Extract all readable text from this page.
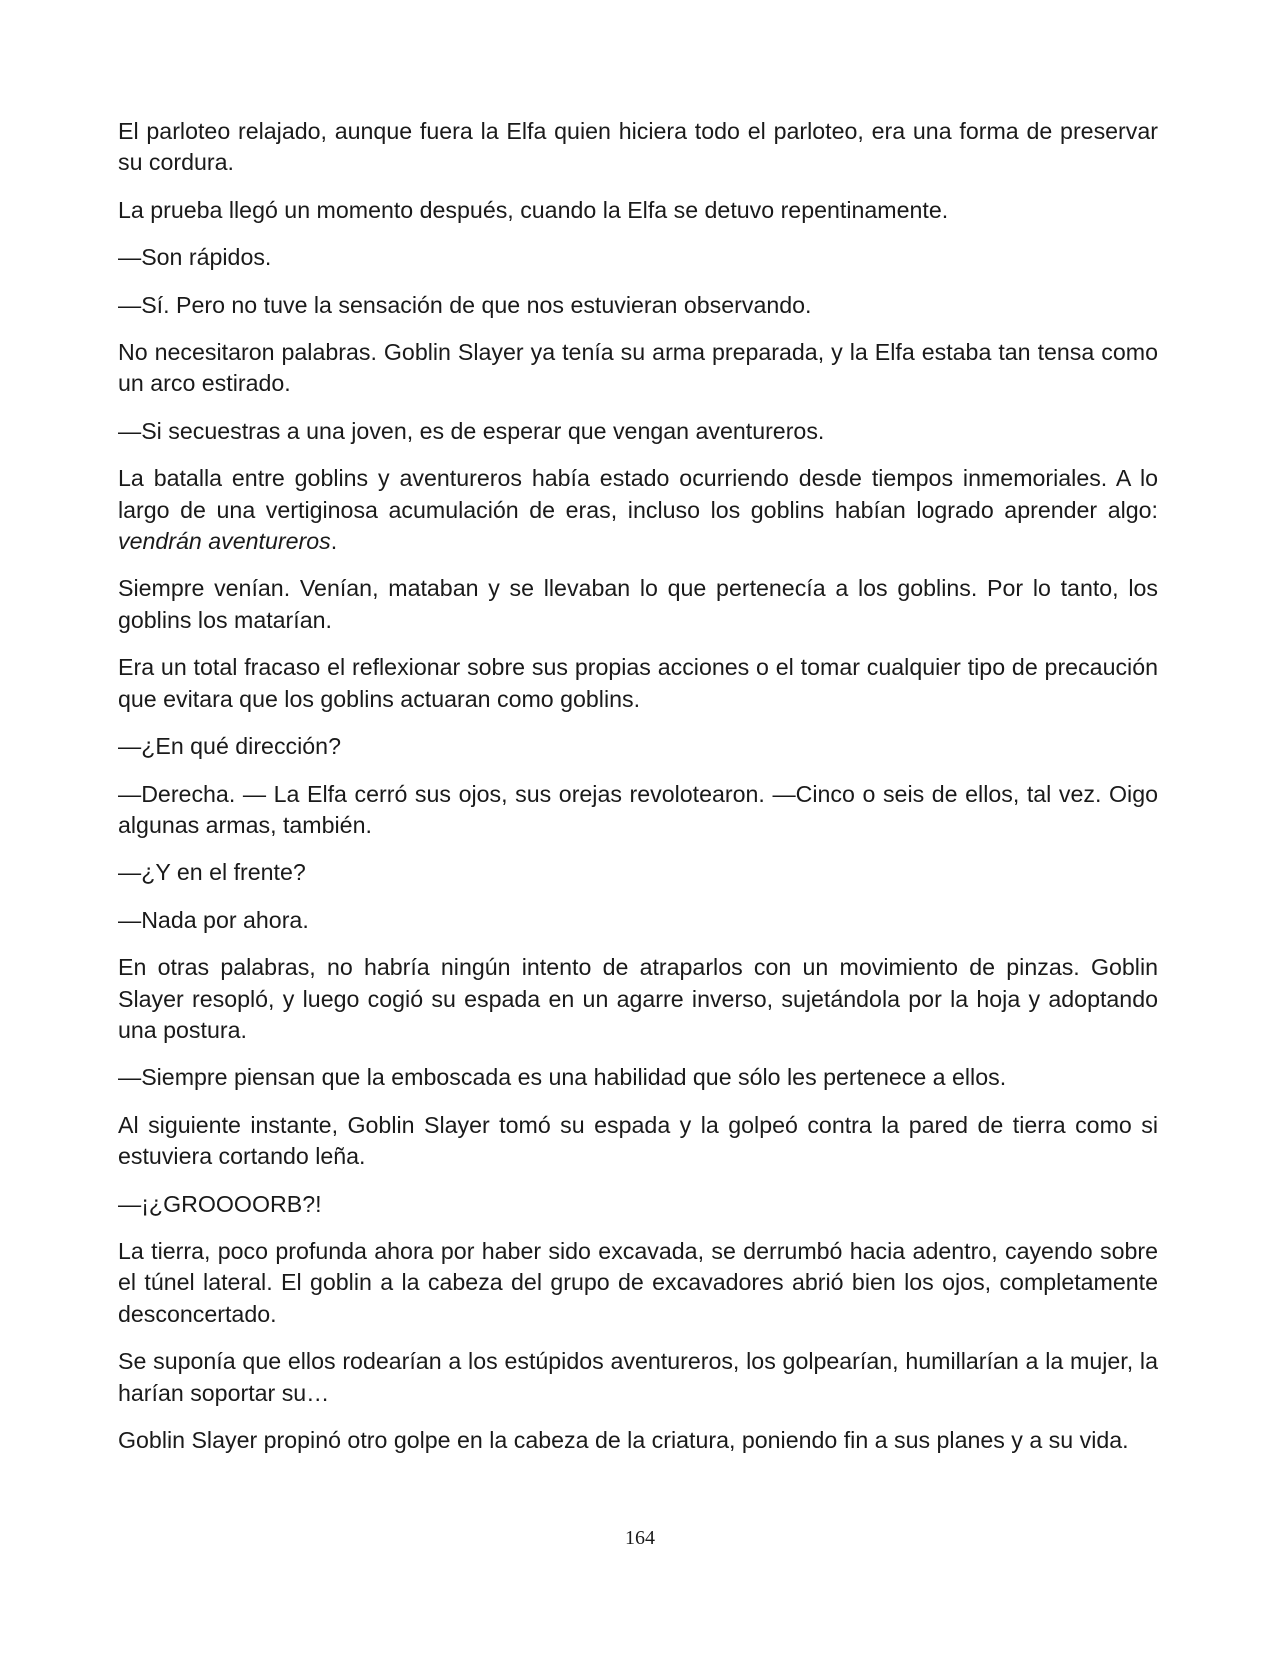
El parloteo relajado, aunque fuera la Elfa quien hiciera todo el parloteo, era una forma de preservar su cordura.

La prueba llegó un momento después, cuando la Elfa se detuvo repentinamente.

—Son rápidos.

—Sí. Pero no tuve la sensación de que nos estuvieran observando.

No necesitaron palabras. Goblin Slayer ya tenía su arma preparada, y la Elfa estaba tan tensa como un arco estirado.

—Si secuestras a una joven, es de esperar que vengan aventureros.

La batalla entre goblins y aventureros había estado ocurriendo desde tiempos inmemoriales. A lo largo de una vertiginosa acumulación de eras, incluso los goblins habían logrado aprender algo: vendrán aventureros.

Siempre venían. Venían, mataban y se llevaban lo que pertenecía a los goblins. Por lo tanto, los goblins los matarían.

Era un total fracaso el reflexionar sobre sus propias acciones o el tomar cualquier tipo de precaución que evitara que los goblins actuaran como goblins.

—¿En qué dirección?

—Derecha. — La Elfa cerró sus ojos, sus orejas revolotearon. —Cinco o seis de ellos, tal vez. Oigo algunas armas, también.

—¿Y en el frente?

—Nada por ahora.

En otras palabras, no habría ningún intento de atraparlos con un movimiento de pinzas. Goblin Slayer resopló, y luego cogió su espada en un agarre inverso, sujetándola por la hoja y adoptando una postura.

—Siempre piensan que la emboscada es una habilidad que sólo les pertenece a ellos.

Al siguiente instante, Goblin Slayer tomó su espada y la golpeó contra la pared de tierra como si estuviera cortando leña.

—¡¿GROOOORB?!

La tierra, poco profunda ahora por haber sido excavada, se derrumbó hacia adentro, cayendo sobre el túnel lateral. El goblin a la cabeza del grupo de excavadores abrió bien los ojos, completamente desconcertado.

Se suponía que ellos rodearían a los estúpidos aventureros, los golpearían, humillarían a la mujer, la harían soportar su…

Goblin Slayer propinó otro golpe en la cabeza de la criatura, poniendo fin a sus planes y a su vida.

164
